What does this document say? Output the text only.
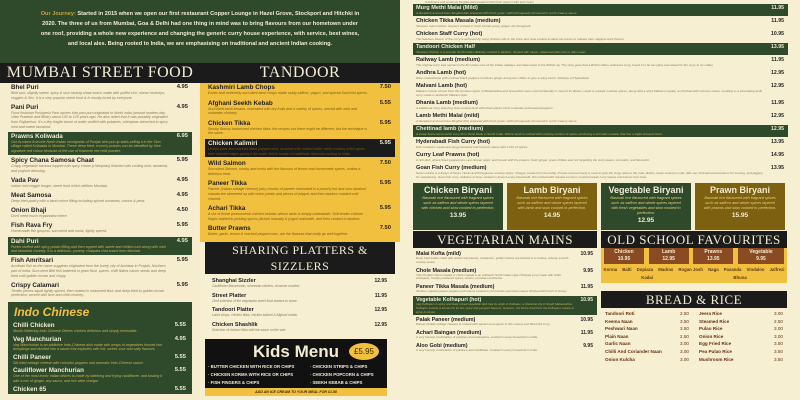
Our Journey: Started in 2015 when we open our first restaurant Copper Lounge in Hazel Grove, Stockport and Hitchki in 2020. The three of us from Mumbai, Goa & Delhi had one thing in mind was to bring flavours from our hometown under one roof, providing a whole new experience and changing the generic curry house experience, with service, best wines, and local ales. Being rooted to India, we are emphasising on traditional and ancient Indian cooking.
MUMBAI STREET FOOD	TANDOOR
Bhel Puri	4.95
Bhel puri, slightly sweet, spicy & sour tasting chaat snack made with puffed rice, sheav chutneys, veggies & Sev. It is a very popular street food & is mostly loved by everyone.
Pani Puri	4.95
Food historian Pushpesh Pant opines that pani puri originated in North India (around modern-day Uttar Pradesh and Bihar) about 100 to 125 years ago. He also noted that it was possibly originated from Rajkachori. It's a tiny fragile dome of wafer stuffed with potatoes, chickpeas drenched in spicy mint and sweet tamarind.
Prawns Koliwada	6.95
Got its name from the North Indian immigrants of Punjab who put up stalls selling it in the Sion village called Koliwada in Mumbai. These deep fried, crunchy prawns can be identified by their signature red colour because of the use of Kashmiri red chilli powder.
Spicy Chana Samosa Chaat	5.95
Crispy vegetable samosa topped with spicy chana (chickpeas) finished with cooling mint, tamarind, and yoghurt dressing.
Vada Pav	4.95
Indian mini veggie burger, street food which defines Mumbai.
Meat Samosa	4.95
Deep fried pastry with a lamb mince filling including spiced tomatoes, onions & peas.
Onion Bhaji	4.50
Don't need much explanation there.
Fish Rava Fry	5.95
Homemade fish goujons, succulent and moist, lightly spiced.
Dahi Puri	4.95
Puries stuffed with spicy potato filling and then topped with sweet and chilled curd along with mint and tamarind chutney. It is a delicious, yummy, chatpata chat snack from Mumbai.
Fish Amritsari	5.95
Amritsari fish as the name suggests originated from the lovely city of Amritsar in Punjab, Northern part of India. Succulent fillet fish battered in gram flour, spices, chilli flakes carom seeds and deep fried until golden brown and crispy.
Crispy Calamari	5.95
Tender pieces squid lightly spiced, then coated in seasoned flour and deep fried to golden brown perfection, served with lime and chilli chutney.
Indo Chinese
Chilli Chicken	5.55
Mouth-Watering Indo-Chinese Dishes chicken delicious and simply irresistible.
Veg Manchurian	4.95
Veg Manchurian is an addictive Indo-Chinese dish made with wraps of vegetables formed into dumplings and dunked into a sauce that explodes with hot, sweet, sour and salty flavours.
Chilli Paneer	5.55
Stir-fried cottage cheese with colourful peppers and aromatic Indo-Chinese sauce.
Cauliflower Manchurian	5.55
One of the most iconic Indian dishes is made by battering and frying cauliflower, and tossing it with a mix of ginger, soy sauce, and rice wine vinegar.
Chicken 65	5.55
Kashmiri Lamb Chops	7.50
Exotic and extremely succulent lamb chops made using saffron, yogurt, and special Kashmiri spices.
Afghani Seekh Kebab	5.55
Succulent lamb kebabs, marinated with dry fruits and a variety of spices, served with mint and coriander chutney.
Chicken Tikka	5.95
Smoky flavour barbecued chicken tikka, the recipes out there might be different, but the technique is the same.
Chicken Kalimiri	5.95
Lemon juice and cracked black peppercorns, brushed with melted butter while cooking which gives their charred edges giving it the rustic feel & sense of traditional charcoal cooking in India.
Wild Salmon	7.50
Succulent Salmon, smoky and moist with the flavours of lemon and homemade spices, makes a delicious treat.
Paneer Tikka	5.95
Paneer (Indian cottage cheese) juicy chunks of paneer marinated in a punchy hot and sour tandoori masala are skewered up with onion petals and pieces of pepper and then tandoor roasted until charred.
Achari Tikka	5.95
A riot of those phenomenal chicken kebabs whose taste is simply unbeatable. Soft tender chicken thighs bathed in pickling spices (Achari masala) & yogurt marinade, and then cooked in tandoor.
Butter Prawns	7.50
Butter, garlic, lemon & cracked peppercorns, are the flavours that really go well together.
SHARING PLATTERS & SIZZLERS
Shanghai Sizzler	12.95
Cauliflower Manchurian, schezwan chicken, chowmin noodles
Street Platter	11.95
Chef selection of the vegetarian street food starters to share
Tandoori Platter	12.95
Lamb chops, chicken tikka, chicken kalimiri & Afghani kebab
Chicken Shashlik	12.95
Selection of chicken tikka with the sauce on the side
Kids Menu	£5.95
· BUTTER CHICKEN WITH RICE OR CHIPS	· CHICKEN STRIPS & CHIPS
· CHICKEN KORMA WITH RICE OR CHIPS	· CHICKEN POPCORN & CHIPS
· FISH FINGERS & CHIPS	· SEEKH KEBAB & CHIPS
ADD AN ICE CREAM TO YOUR MEAL FOR £1.50
A delicious and luxurious Mughlai dish prepared with fresh green methi and cream
Murg Methi Malai (Mild)	11.95
A decadent and luxurious Mughlai dish prepared with fresh green methi (fenugreek) simmered in a rich creamy sauce.
Chicken Tikka Masala (medium)	11.95
Tandoori roast chicken skewers cooked in fresh tomato gravy, ginger, dry fenugreek.
Chicken Staff Curry (hot)	10.95
The fabulous flavour of the curry is achieved by using chicken still on the bone and slow cooked to allow the bones to release their magical stock flavour.
Tandoori Chicken Half	13.95
Tandoori chicken is a popular North Indian delicacy cooked in tandoor. Served with sauce, salad and plain rice or plain naan.
Railway Lamb (medium)	11.95
The original curry was served in the first class cars of the Indian railways and dates back to the British raj. The story goes that a British officer ordered a curry, found it to be too spicy and asked for the curry to be milder.
Andhra Lamb (hot)	12.95
Slow cooked lamb with crushed black peppers tomatoes ginger and green chilies to give a spicy touch. Delicacy of Hyderabad.
Malvani Lamb (hot)	12.95
Malvani cuisine comes from the Konkan region of Maharashtra and Goa which uses coconut liberally in most of its dishes. Lamb is cooked in whole spices, along with a spicy Malvani masala, an finished with coconut cream, resulting in a stimulating lamb curry made in authentic Malvani style.
Dhania Lamb (medium)	11.95
A traditional curry featuring slow cooked lamb with dried spices fresh coriander and toasted peppers.
Lamb Methi Malai (mild)	12.95
A decadent and luxurious Mughlai dish prepared with fresh green methi (fenugreek) simmered in a rich creamy sauce.
Chettinad lamb (medium)	12.95
A lovely flavoursome lamb curry from Tamil Nadu in South India. Where lamb is cooked with roasting number of spices producing a aromatic masala, that has a slight aniseed scent.
Hyderabadi Fish Curry (hot)	13.95
Fish cooked in sweet and tangy tamarind and turmeric sauce with a hint of spices.
Curry Leaf Prawns (hot)	14.95
A rich dish, where black peppercorns are broken apart, and tossed with the prawns, fresh ginger, green chillies and not forgetting the curry leaves. Aromatic, and flavourful.
Goan Fish Curry (medium)	13.95
Goan cuisine is a fusion of Goan, Hindu and Portuguese cooking styles. Vinegar (made from the toddy of local coconut trees) is used to give the zingy taste to the main dishes. Goan cuisine is mild, with use of tamarind and kokum for souring, and jaggery for sweetening. Goan fish curry, delicacy of Goa, cooked in almost every household, fish cooked with roasted coconut, mustard seeds curry leaves and kokum from Goa.
Chicken Biryani
Basmati rice flavoured with fragrant spices such as saffron and whole spices layered with chicken and slow cooked to perfection.
13.95
Lamb Biryani
Basmati rice flavoured with fragrant spices such as saffron and whole spices layered with lamb and slow cooked to perfection.
14.95
Vegetable Biryani
Basmati rice flavoured with fragrant spices such as saffron and whole spices layered with fresh vegetables and slow cooked to perfection.
12.95
Prawn Biryani
Basmati rice flavoured with fragrant spices such as saffron and whole spices layered with prawns and slow cooked to perfection.
15.95
VEGETARIAN MAINS
Malai Kofta (mild)	10.95
Deep fried koftas made with potato and paneer, cardamom, golden raisins are dunked in a creamy, velvety, smooth creamy sauce.
Chole Masala (medium)	9.95
This Punjabi chana masala or chole masala is an authentic North Indian style chickpea curry made with white chickpeas, freshly powdered spices, onions, tomatoes and herbs.
Paneer Tikka Masala (medium)	11.95
Tandoor roasted paneer peppers and onions cooked in rich tomato and cream sauce finished with touch of honey.
Vegetable Kolhapuri (hot)	10.95
Veg Kolhapuri is spicy and tasty mixed vegetable dish has its origin in Kolhapur, a historical city in South Maharashtra. Kolhapur cuisine is known for its hot, spicy and pungent flavours, however, not all the food from the Kolhapuri cuisine is spicy & robust.
Palak Paneer (medium)	10.95
Paneer (Indian cottage cheese) is cooked with spinach and spices in this creamy and flavourful curry.
Achari Baingan (medium)	11.95
A very homely combination of potatoes and aubergines, cooked in every household in India.
Aloo Gobi (medium)	9.95
A very homely combination of potatoes and cauliflower. Cooked in every household in India.
OLD SCHOOL FAVOURITES
Chicken
10.95
Lamb
12.95
Prawns
13.95
Vegetable
9.95
Korma Balti Dopiaza Madras Rogan Josh Naga Pasanda Vindaloo Jalfrezi
Kadai	Bhuna
BREAD & RICE
Tandoori Roti	2.50 Jeera Rice	3.00
Keema Naan	3.50 Steamed Rice	2.50
Peshwari Naan	3.50 Pulao Rice	3.00
Plain Naan	2.50 Onion Rice	3.00
Garlic Naan	3.00 Egg Fried Rice	3.50
Chilli And Coriander Naan	3.00 Pea Pulao Rice	3.50
Onion Kulcha	3.00 Mushroom Rice	3.50
